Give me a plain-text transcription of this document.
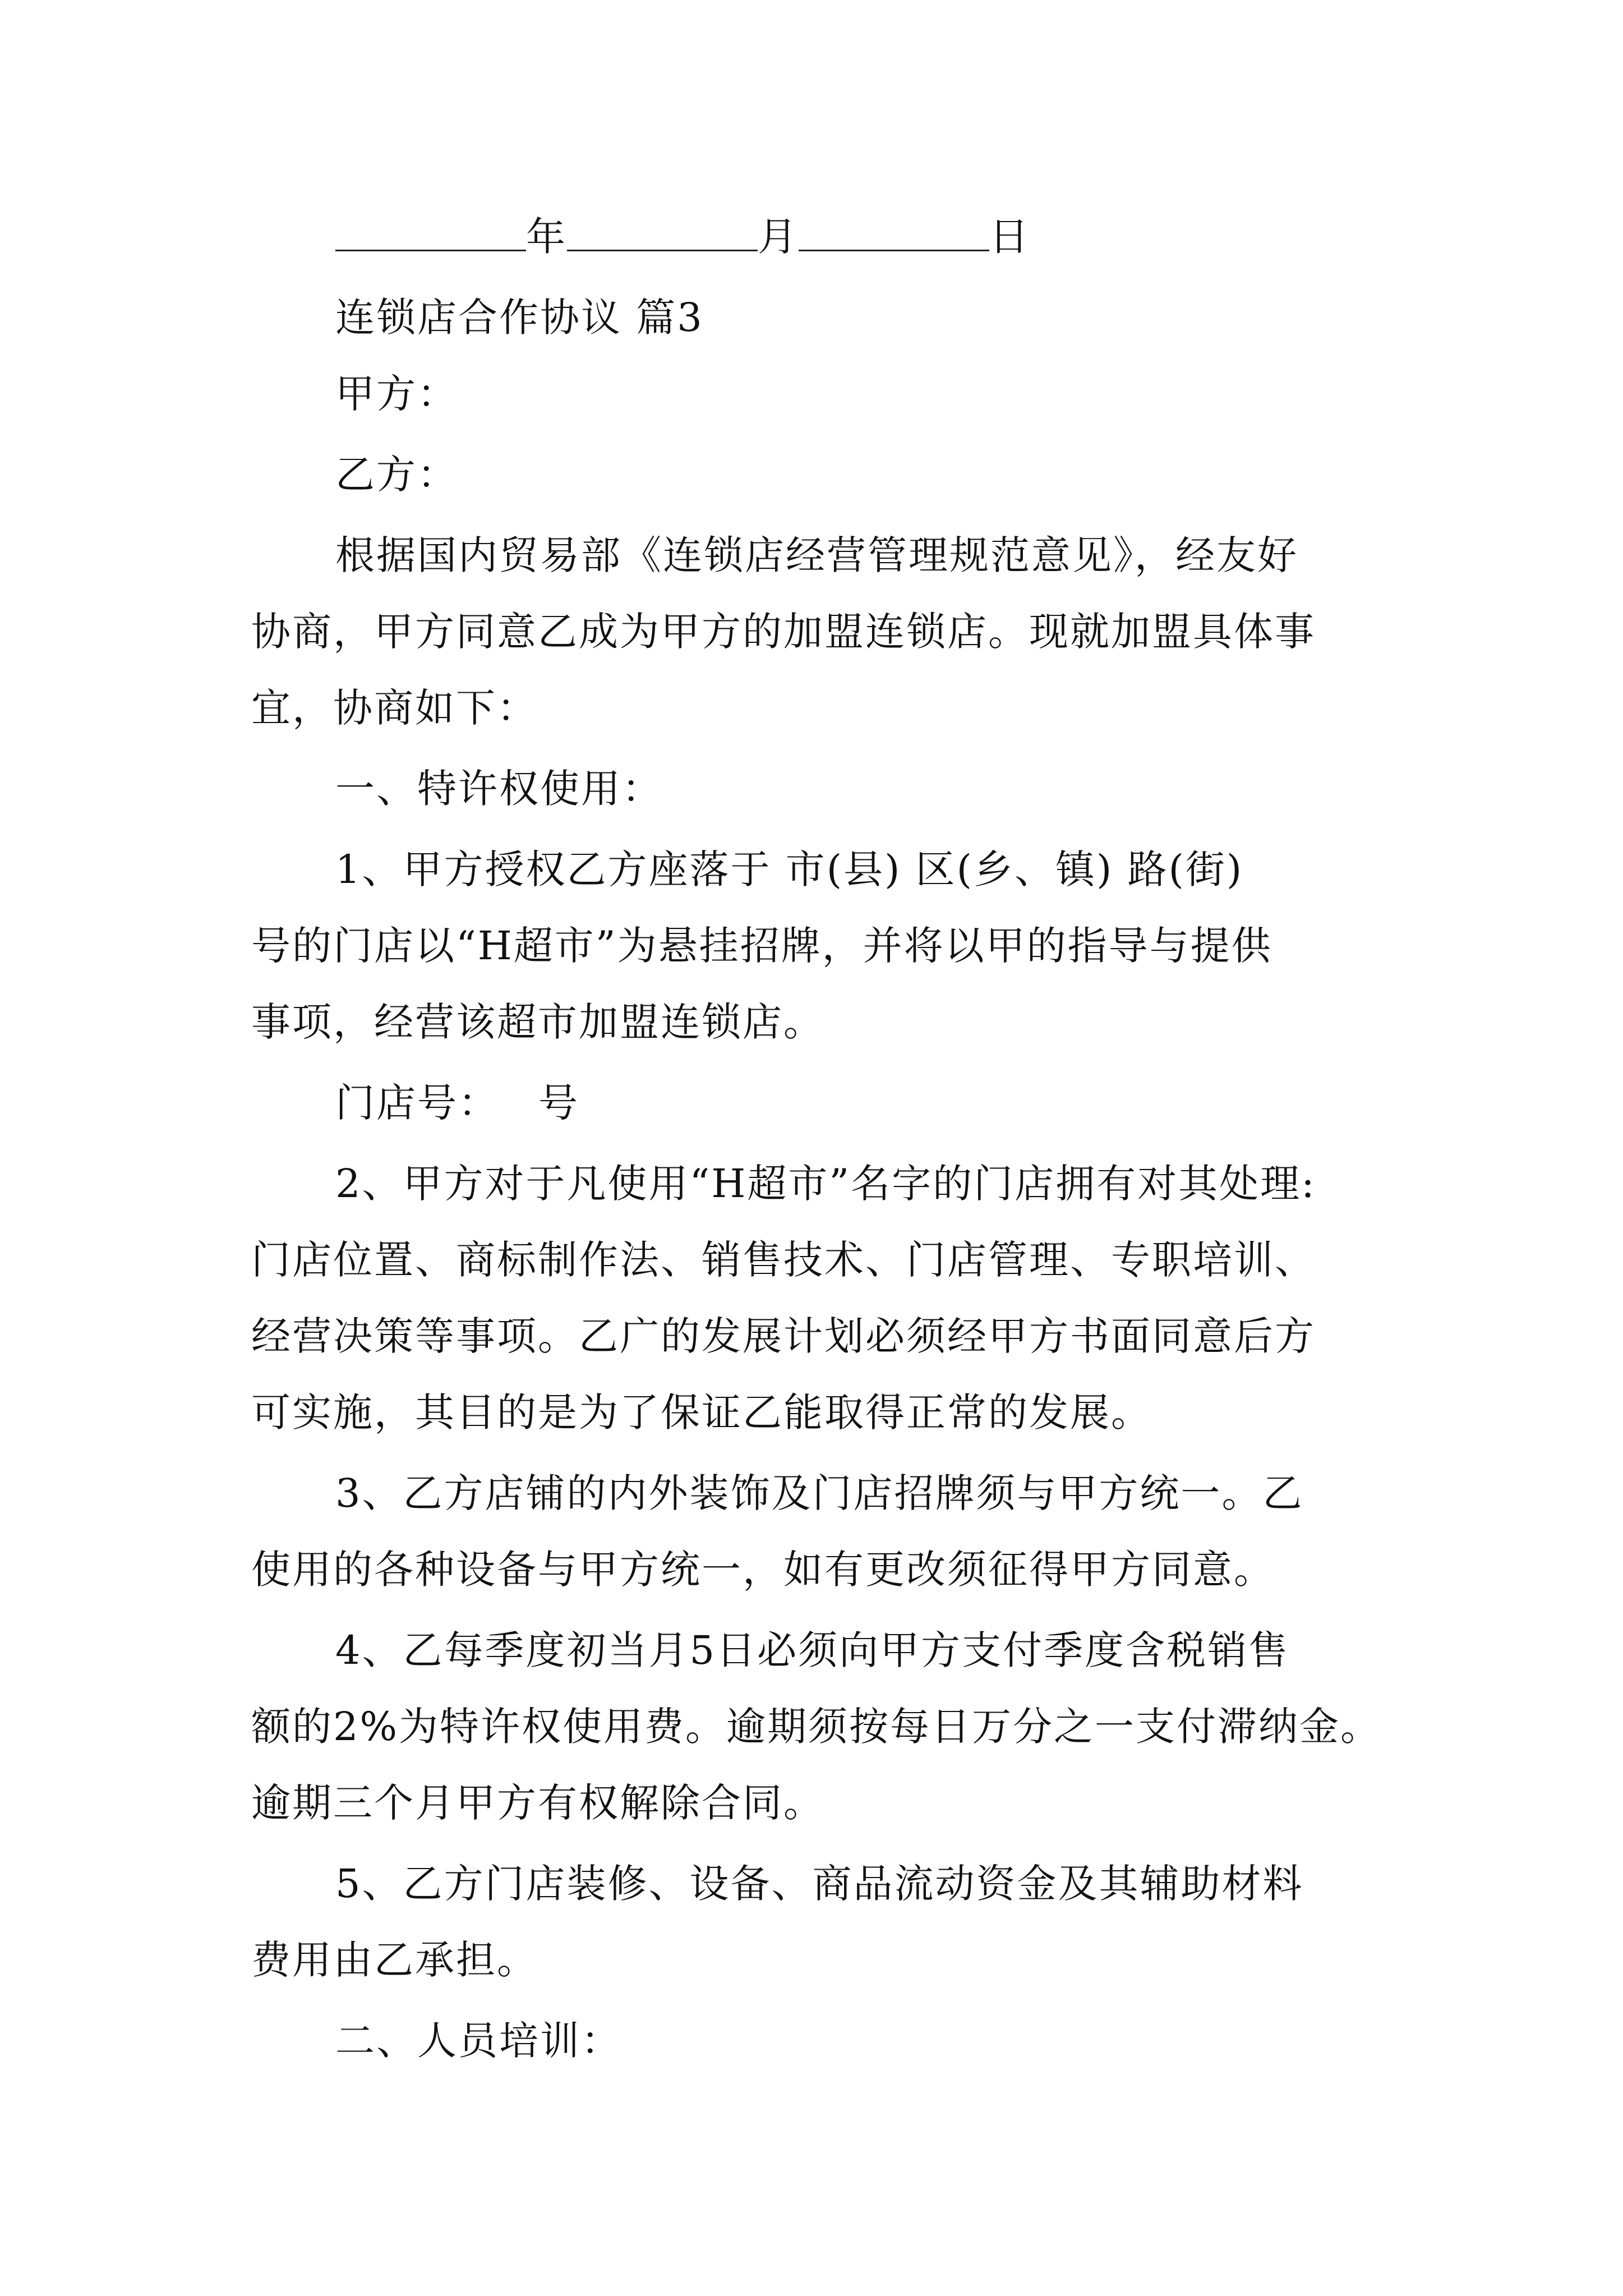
年	月	日
连锁店合作协议 篇3
甲方：
乙方：
根据国内贸易部《连锁店经营管理规范意见》，经友好
协商，甲方同意乙成为甲方的加盟连锁店。现就加盟具体事
宜，协商如下：
一、特许权使用：
1、甲方授权乙方座落于 市(县) 区(乡、镇) 路(街)
号的门店以“H超市”为悬挂招牌，并将以甲的指导与提供
事项，经营该超市加盟连锁店。
门店号： 号
2、甲方对于凡使用“H超市”名字的门店拥有对其处理:
门店位置、商标制作法、销售技术、门店管理、专职培训、
经营决策等事项。乙广的发展计划必须经甲方书面同意后方
可实施，其目的是为了保证乙能取得正常的发展。
3、乙方店铺的内外装饰及门店招牌须与甲方统一。乙
使用的各种设备与甲方统一，如有更改须征得甲方同意。
4、乙每季度初当月5日必须向甲方支付季度含税销售
额的2%为特许权使用费。逾期须按每日万分之一支付滞纳金。
逾期三个月甲方有权解除合同。
5、乙方门店装修、设备、商品流动资金及其辅助材料
费用由乙承担。
二、人员培训：
